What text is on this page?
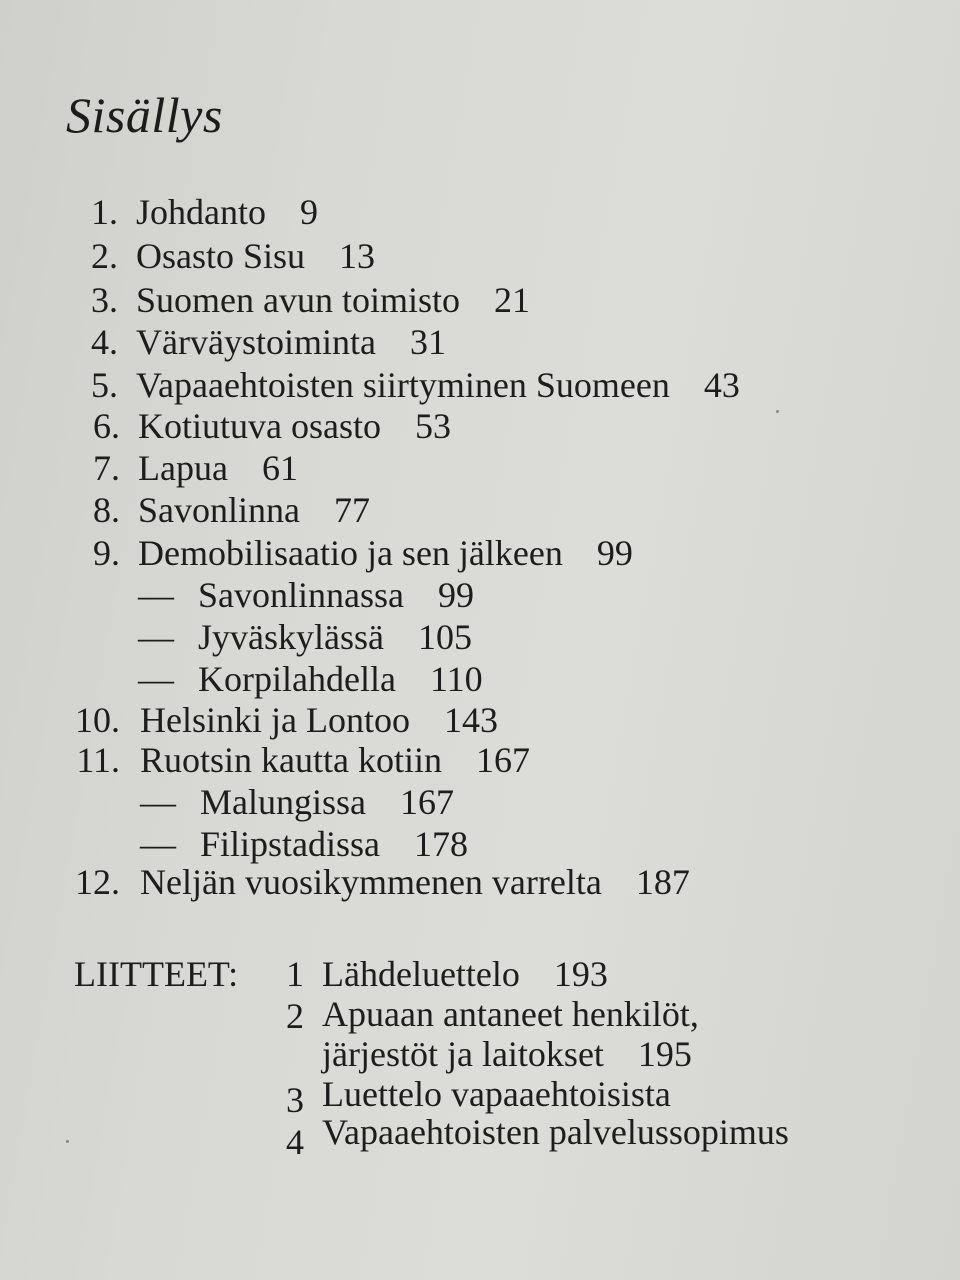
Sisällys
1. Johdanto 9
2. Osasto Sisu 13
3. Suomen avun toimisto 21
4. Värväystoiminta 31
5. Vapaaehtoisten siirtyminen Suomeen 43
6. Kotiutuva osasto 53
7. Lapua 61
8. Savonlinna 77
9. Demobilisaatio ja sen jälkeen 99
— Savonlinnassa 99
— Jyväskylässä 105
— Korpilahdella 110
10. Helsinki ja Lontoo 143
11. Ruotsin kautta kotiin 167
— Malungissa 167
— Filipstadissa 178
12. Neljän vuosikymmenen varrelta 187
LIITTEET: 1 Lähdeluettelo 193
2 Apuaan antaneet henkilöt,
järjestöt ja laitokset 195
3 Luettelo vapaaehtoisista
4 Vapaaehtoisten palvelussopimus
